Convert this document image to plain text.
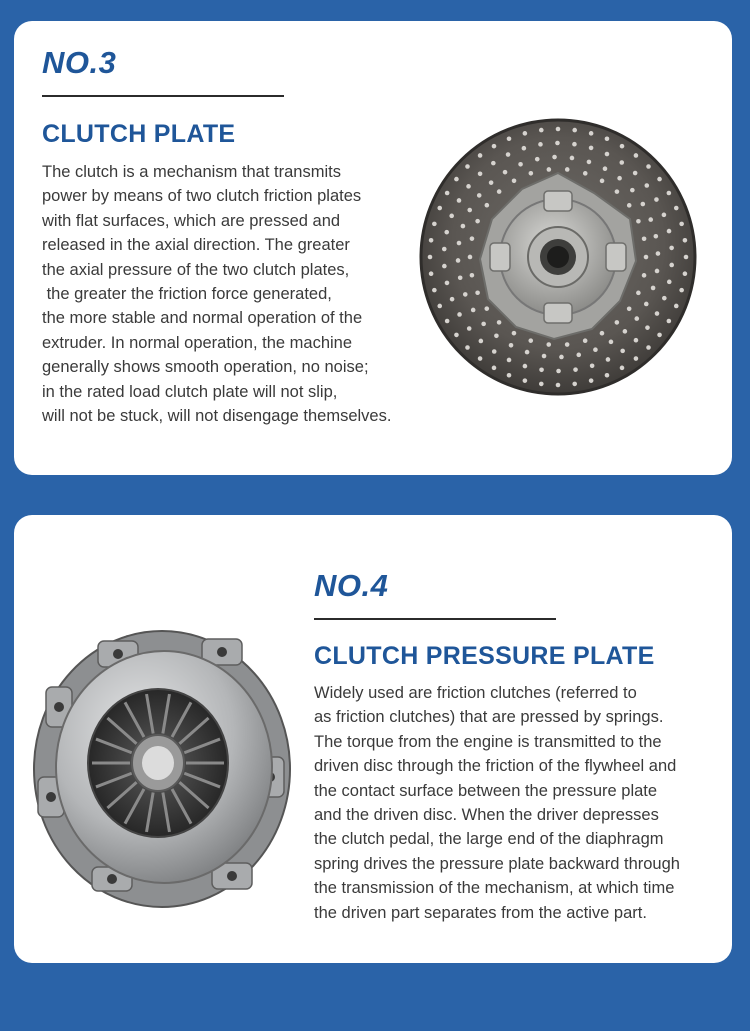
NO.3
CLUTCH PLATE
The clutch is a mechanism that transmits
power by means of two clutch friction plates
with flat surfaces, which are pressed and
released in the axial direction. The greater
the axial pressure of the two clutch plates,
the greater the friction force generated,
the more stable and normal operation of the
extruder. In normal operation, the machine
generally shows smooth operation, no noise;
in the rated load clutch plate will not slip,
will not be stuck, will not disengage themselves.
NO.4
CLUTCH PRESSURE PLATE
Widely used are friction clutches (referred to
as friction clutches) that are pressed by springs.
The torque from the engine is transmitted to the
driven disc through the friction of the flywheel and
the contact surface between the pressure plate
and the driven disc. When the driver depresses
the clutch pedal, the large end of the diaphragm
spring drives the pressure plate backward through
the transmission of the mechanism, at which time
the driven part separates from the active part.
